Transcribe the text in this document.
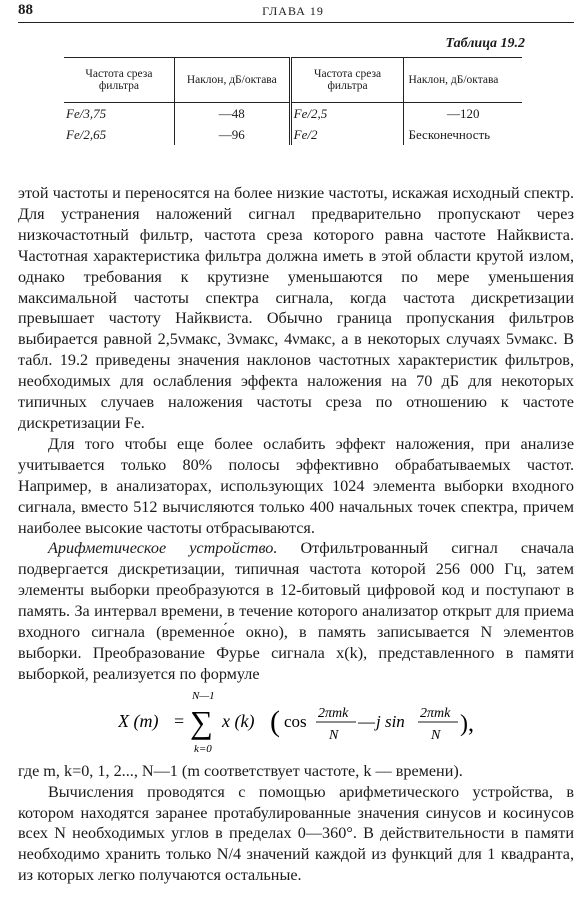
88	ГЛАВА 19
Таблица 19.2
Частота среза фильтра	Наклон, дБ/октава	Частота среза фильтра	Наклон, дБ/октава
Fe/3,75	—48	Fe/2,5	—120
Fe/2,65	—96	Fe/2	Бесконечность

этой частоты и переносятся на более низкие частоты, искажая исходный спектр. Для устранения наложений сигнал предварительно пропускают через низкочастотный фильтр, частота среза которого равна частоте Найквиста. Частотная характеристика фильтра должна иметь в этой области крутой излом, однако требования к крутизне уменьшаются по мере уменьшения максимальной частоты спектра сигнала, когда частота дискретизации превышает частоту Найквиста. Обычно граница пропускания фильтров выбирается равной 2,5νмакс, 3νмакс, 4νмакс, а в некоторых случаях 5νмакс. В табл. 19.2 приведены значения наклонов частотных характеристик фильтров, необходимых для ослабления эффекта наложения на 70 дБ для некоторых типичных случаев наложения частоты среза по отношению к частоте дискретизации Fe.

Для того чтобы еще более ослабить эффект наложения, при анализе учитывается только 80% полосы эффективно обрабатываемых частот. Например, в анализаторах, использующих 1024 элемента выборки входного сигнала, вместо 512 вычисляются только 400 начальных точек спектра, причем наиболее высокие частоты отбрасываются.

Арифметическое устройство. Отфильтрованный сигнал сначала подвергается дискретизации, типичная частота которой 256 000 Гц, затем элементы выборки преобразуются в 12-битовый цифровой код и поступают в память. За интервал времени, в течение которого анализатор открыт для приема входного сигнала (временно́е окно), в память записывается N элементов выборки. Преобразование Фурье сигнала x(k), представленного в памяти выборкой, реализуется по формуле

X (m) =
N—1
∑
k=0
x (k) ( cos 2πmk
N
— j sin 2πmk
N ),

где m, k=0, 1, 2..., N—1 (m соответствует частоте, k — времени).

Вычисления проводятся с помощью арифметического устройства, в котором находятся заранее протабулированные значения синусов и косинусов всех N необходимых углов в пределах 0—360°. В действительности в памяти необходимо хранить только N/4 значений каждой из функций для 1 квадранта, из которых легко получаются остальные.
